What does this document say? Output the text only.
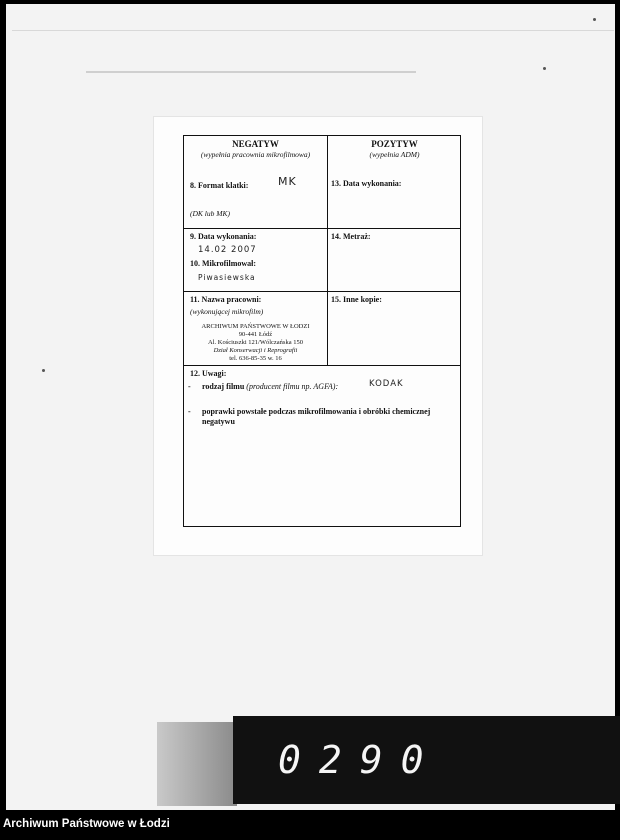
NEGATYW
(wypełnia pracownia mikrofilmowa)
POZYTYW
(wypełnia ADM)
8. Format klatki:	MK
(DK lub MK)
13. Data wykonania:
9. Data wykonania:
14.02 2007
10. Mikrofilmował:
Piwasiewska
14. Metraż:
11. Nazwa pracowni:
(wykonującej mikrofilm)
ARCHIWUM PAŃSTWOWE W ŁODZI
90-441 Łódź
Al. Kościuszki 121/Wólczańska 150
Dział Konserwacji i Reprografii
tel. 636-85-35 w. 16
15. Inne kopie:
12. Uwagi:
- rodzaj filmu (producent filmu np. AGFA):	KODAK
- poprawki powstałe podczas mikrofilmowania i obróbki chemicznej negatywu
0290
Archiwum Państwowe w Łodzi
